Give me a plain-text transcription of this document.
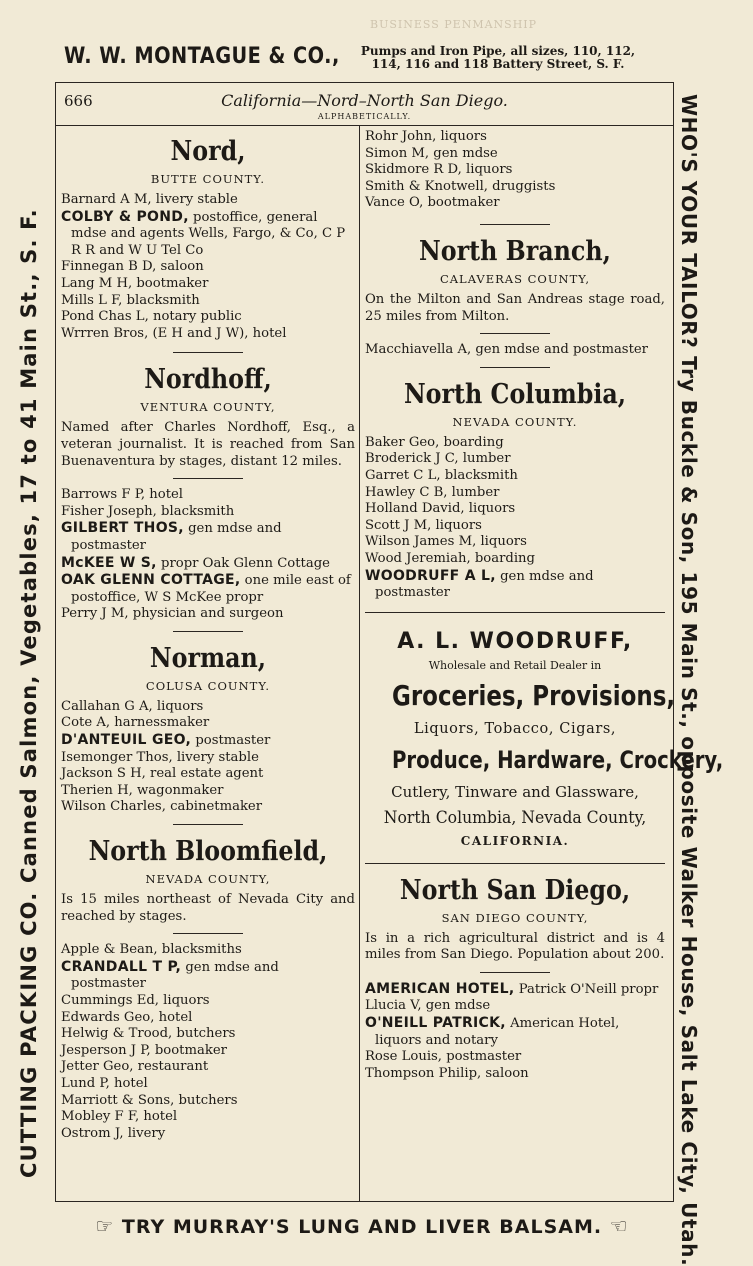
BUSINESS PENMANSHIP
W. W. MONTAGUE & CO.,	Pumps and Iron Pipe, all sizes, 110, 112,
114, 116 and 118 Battery Street, S. F.
CUTTING PACKING CO. Canned Salmon, Vegetables, 17 to 41 Main St., S. F.	WHO'S YOUR TAILOR? Try Buckle & Son, 195 Main St., opposite Walker House, Salt Lake City, Utah.
☞ TRY MURRAY'S LUNG AND LIVER BALSAM. ☜
666	California—Nord–North San Diego.
ALPHABETICALLY.
Nord,
BUTTE COUNTY.

Barnard A M, livery stable

COLBY & POND, postoffice, general mdse and agents Wells, Fargo, & Co, C P R R and W U Tel Co

Finnegan B D, saloon

Lang M H, bootmaker

Mills L F, blacksmith

Pond Chas L, notary public

Wrrren Bros, (E H and J W), hotel

Nordhoff,
VENTURA COUNTY,

Named after Charles Nordhoff, Esq., a veteran journalist. It is reached from San Buenaventura by stages, distant 12 miles.

Barrows F P, hotel

Fisher Joseph, blacksmith

GILBERT THOS, gen mdse and postmaster

McKEE W S, propr Oak Glenn Cottage

OAK GLENN COTTAGE, one mile east of postoffice, W S McKee propr

Perry J M, physician and surgeon

Norman,
COLUSA COUNTY.

Callahan G A, liquors

Cote A, harnessmaker

D'ANTEUIL GEO, postmaster

Isemonger Thos, livery stable

Jackson S H, real estate agent

Therien H, wagonmaker

Wilson Charles, cabinetmaker

North Bloomfield,
NEVADA COUNTY,

Is 15 miles northeast of Nevada City and reached by stages.

Apple & Bean, blacksmiths

CRANDALL T P, gen mdse and postmaster

Cummings Ed, liquors

Edwards Geo, hotel

Helwig & Trood, butchers

Jesperson J P, bootmaker

Jetter Geo, restaurant

Lund P, hotel

Marriott & Sons, butchers

Mobley F F, hotel

Ostrom J, livery

Rohr John, liquors

Simon M, gen mdse

Skidmore R D, liquors

Smith & Knotwell, druggists

Vance O, bootmaker

North Branch,
CALAVERAS COUNTY,

On the Milton and San Andreas stage road, 25 miles from Milton.

Macchiavella A, gen mdse and postmaster

North Columbia,
NEVADA COUNTY.

Baker Geo, boarding

Broderick J C, lumber

Garret C L, blacksmith

Hawley C B, lumber

Holland David, liquors

Scott J M, liquors

Wilson James M, liquors

Wood Jeremiah, boarding

WOODRUFF A L, gen mdse and postmaster

A. L. WOODRUFF,
Wholesale and Retail Dealer in
Groceries, Provisions,
Liquors, Tobacco, Cigars,
Produce, Hardware, Crockery,
Cutlery, Tinware and Glassware,
North Columbia, Nevada County,
CALIFORNIA.
North San Diego,
SAN DIEGO COUNTY,

Is in a rich agricultural district and is 4 miles from San Diego. Population about 200.

AMERICAN HOTEL, Patrick O'Neill propr

Llucia V, gen mdse

O'NEILL PATRICK, American Hotel, liquors and notary

Rose Louis, postmaster

Thompson Philip, saloon
